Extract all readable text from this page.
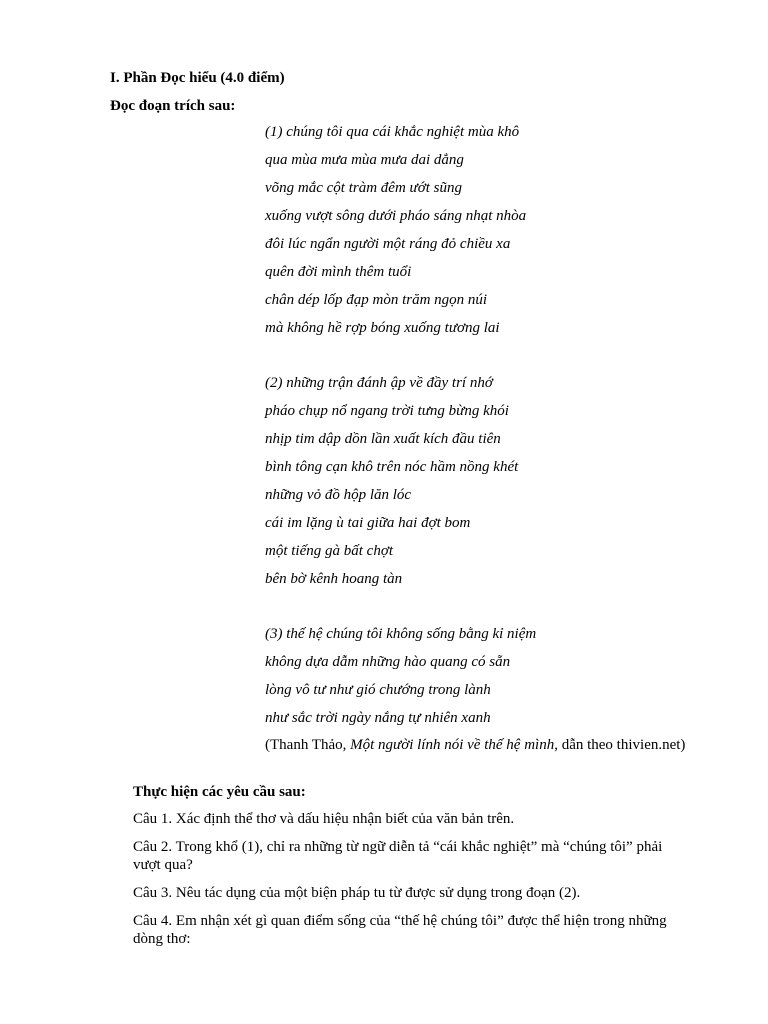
I. Phần Đọc hiểu (4.0 điểm)
Đọc đoạn trích sau:
(1) chúng tôi qua cái khắc nghiệt mùa khô
qua mùa mưa mùa mưa dai dẳng
võng mắc cột tràm đêm ướt sũng
xuống vượt sông dưới pháo sáng nhạt nhòa
đôi lúc ngẩn người một ráng đỏ chiều xa
quên đời mình thêm tuổi
chân dép lốp đạp mòn trăm ngọn núi
mà không hề rợp bóng xuống tương lai
(2) những trận đánh ập về đầy trí nhớ
pháo chụp nổ ngang trời tưng bừng khói
nhịp tim dập dồn lần xuất kích đầu tiên
bình tông cạn khô trên nóc hầm nồng khét
những vỏ đồ hộp lăn lóc
cái im lặng ù tai giữa hai đợt bom
một tiếng gà bất chợt
bên bờ kênh hoang tàn
(3) thế hệ chúng tôi không sống bằng kỉ niệm
không dựa dẫm những hào quang có sẵn
lòng vô tư như gió chướng trong lành
như sắc trời ngày nắng tự nhiên xanh
(Thanh Thảo, Một người lính nói về thế hệ mình, dẫn theo thivien.net)
Thực hiện các yêu cầu sau:
Câu 1. Xác định thể thơ và dấu hiệu nhận biết của văn bản trên.
Câu 2. Trong khổ (1), chỉ ra những từ ngữ diễn tả “cái khắc nghiệt” mà “chúng tôi” phải vượt qua?
Câu 3. Nêu tác dụng của một biện pháp tu từ được sử dụng trong đoạn (2).
Câu 4. Em nhận xét gì quan điểm sống của “thế hệ chúng tôi” được thể hiện trong những dòng thơ:
